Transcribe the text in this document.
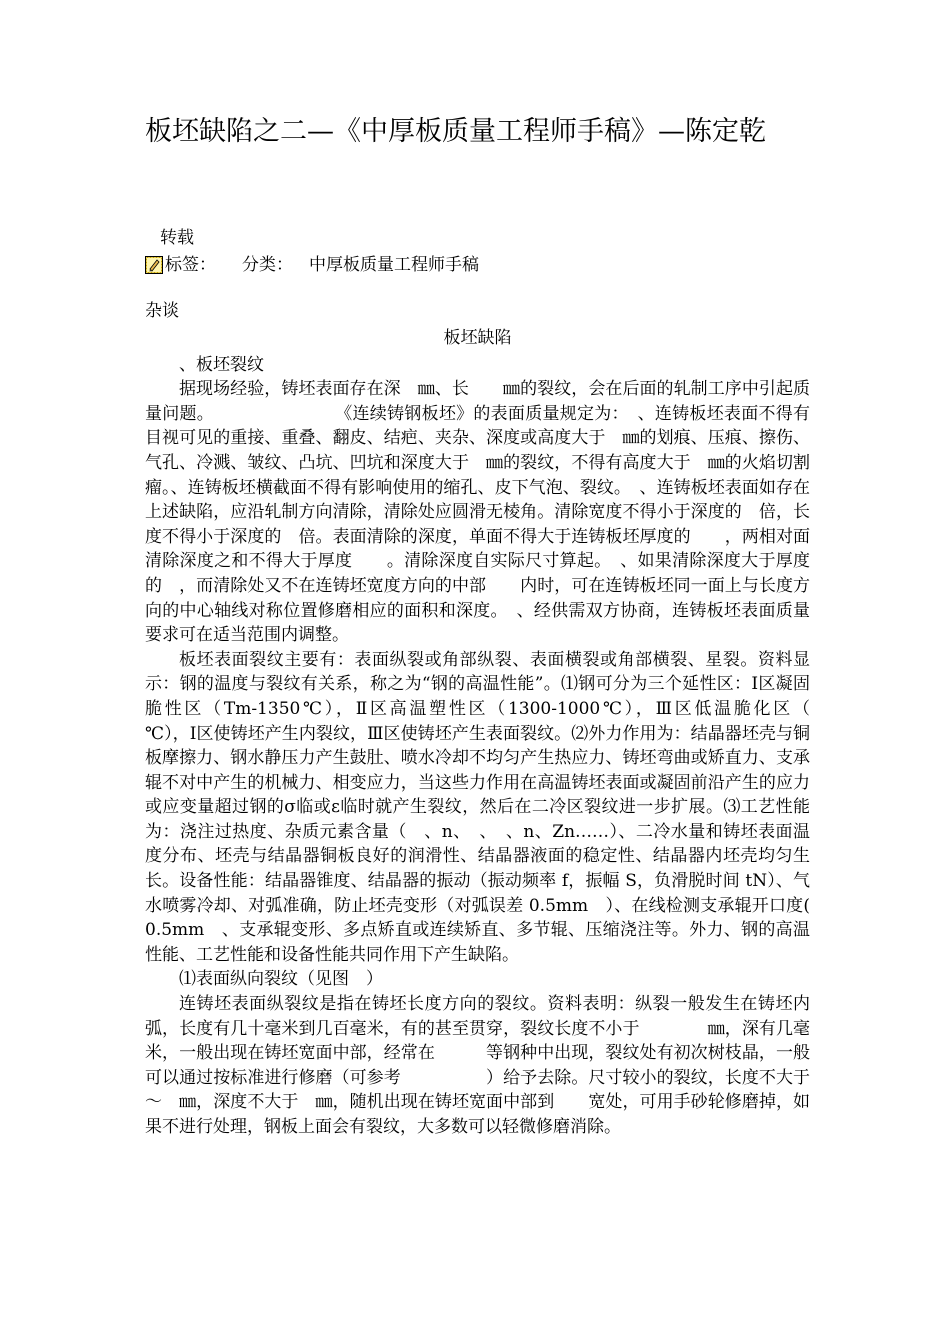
板坯缺陷之二—《中厚板质量工程师手稿》—陈定乾
转载
标签： 分类： 中厚板质量工程师手稿
杂谈

板坯缺陷

、板坯裂纹

据现场经验，铸坯表面存在深　㎜、长　　㎜的裂纹，会在后面的轧制工序中引起质量问题。　　　　　　　　《连续铸钢板坯》的表面质量规定为：　、连铸板坯表面不得有目视可见的重接、重叠、翻皮、结疤、夹杂、深度或高度大于　㎜的划痕、压痕、擦伤、气孔、冷溅、皱纹、凸坑、凹坑和深度大于　㎜的裂纹，不得有高度大于　㎜的火焰切割瘤。、连铸板坯横截面不得有影响使用的缩孔、皮下气泡、裂纹。　、连铸板坯表面如存在上述缺陷，应沿轧制方向清除，清除处应圆滑无棱角。清除宽度不得小于深度的　倍，长度不得小于深度的　倍。表面清除的深度，单面不得大于连铸板坯厚度的　　，两相对面清除深度之和不得大于厚度　　。清除深度自实际尺寸算起。　、如果清除深度大于厚度的　，而清除处又不在连铸坯宽度方向的中部　　内时，可在连铸板坯同一面上与长度方向的中心轴线对称位置修磨相应的面积和深度。　、经供需双方协商，连铸板坯表面质量要求可在适当范围内调整。

板坯表面裂纹主要有：表面纵裂或角部纵裂、表面横裂或角部横裂、星裂。资料显示：钢的温度与裂纹有关系，称之为“钢的高温性能”。⑴钢可分为三个延性区：Ⅰ区凝固脆性区（Tm-1350℃），Ⅱ区高温塑性区（1300-1000℃），Ⅲ区低温脆化区（　　　℃），Ⅰ区使铸坯产生内裂纹，Ⅲ区使铸坯产生表面裂纹。⑵外力作用为：结晶器坯壳与铜板摩擦力、钢水静压力产生鼓肚、喷水冷却不均匀产生热应力、铸坯弯曲或矫直力、支承辊不对中产生的机械力、相变应力，当这些力作用在高温铸坯表面或凝固前沿产生的应力或应变量超过钢的σ临或ε临时就产生裂纹，然后在二冷区裂纹进一步扩展。⑶工艺性能为：浇注过热度、杂质元素含量（　、n、　、　、n、Zn……）、二冷水量和铸坯表面温度分布、坯壳与结晶器铜板良好的润滑性、结晶器液面的稳定性、结晶器内坯壳均匀生长。设备性能：结晶器锥度、结晶器的振动（振动频率 f，振幅 S，负滑脱时间 tN）、气水喷雾冷却、对弧准确，防止坯壳变形（对弧误差 0.5mm　）、在线检测支承辊开口度( 0.5mm　、支承辊变形、多点矫直或连续矫直、多节辊、压缩浇注等。外力、钢的高温性能、工艺性能和设备性能共同作用下产生缺陷。

⑴表面纵向裂纹（见图　）

连铸坯表面纵裂纹是指在铸坯长度方向的裂纹。资料表明：纵裂一般发生在铸坯内弧，长度有几十毫米到几百毫米，有的甚至贯穿，裂纹长度不小于　　　　㎜，深有几毫米，一般出现在铸坯宽面中部，经常在　　　等钢种中出现，裂纹处有初次树枝晶，一般可以通过按标准进行修磨（可参考　　　　　）给予去除。尺寸较小的裂纹，长度不大于　～　㎜，深度不大于　㎜，随机出现在铸坯宽面中部到　　宽处，可用手砂轮修磨掉，如果不进行处理，钢板上面会有裂纹，大多数可以轻微修磨消除。
